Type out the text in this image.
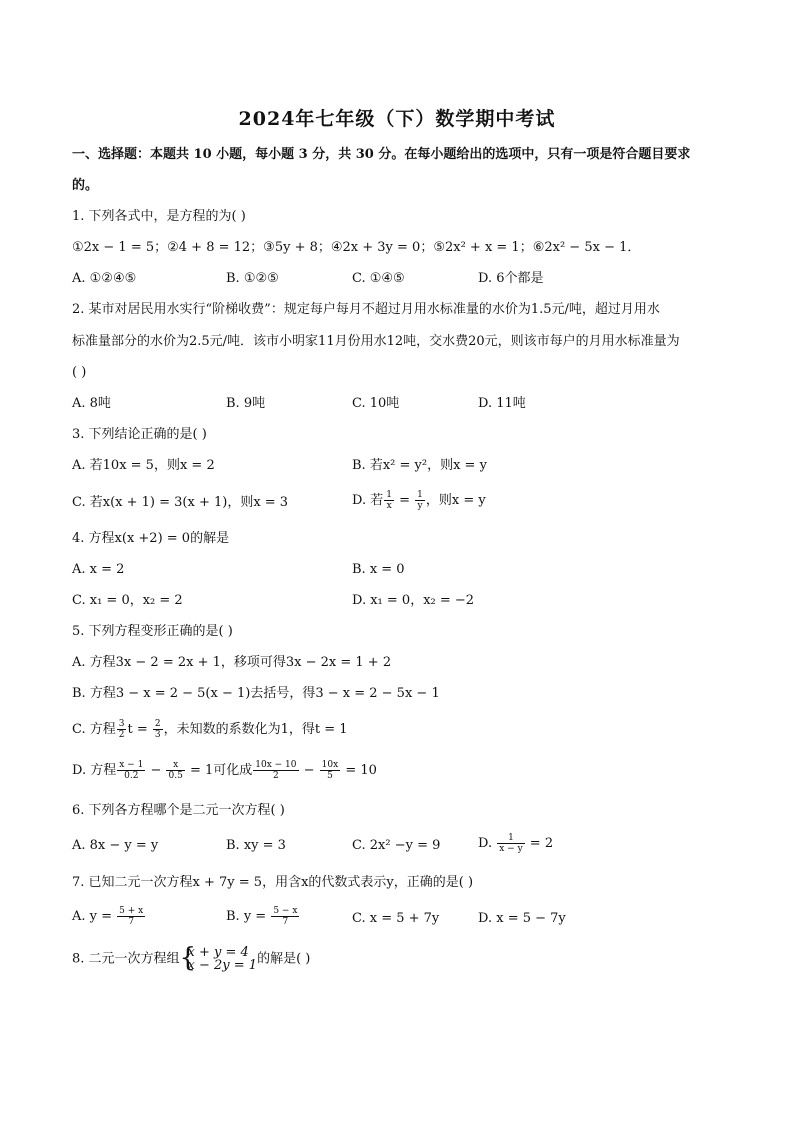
2024年七年级（下）数学期中考试
一、选择题：本题共 10 小题，每小题 3 分，共 30 分。在每小题给出的选项中，只有一项是符合题目要求
的。
1. 下列各式中，是方程的为( )
①2x − 1 = 5；②4 + 8 = 12；③5y + 8；④2x + 3y = 0；⑤2x² + x = 1；⑥2x² − 5x − 1．
A. ①②④⑤	B. ①②⑤	C. ①④⑤	D. 6个都是
2. 某市对居民用水实行“阶梯收费”：规定每户每月不超过月用水标准量的水价为1.5元/吨，超过月用水
标准量部分的水价为2.5元/吨．该市小明家11月份用水12吨，交水费20元，则该市每户的月用水标准量为
( )
A. 8吨	B. 9吨	C. 10吨	D. 11吨
3. 下列结论正确的是( )
A. 若10x = 5，则x = 2	B. 若x² = y²，则x = y
C. 若x(x + 1) = 3(x + 1)，则x = 3	D. 若 $\frac{1}{x} = \frac{1}{y}$ ，则x = y
4. 方程x(x +2) = 0的解是
A. x = 2	B. x = 0
C. x₁ = 0，x₂ = 2	D. x₁ = 0，x₂ = −2
5. 下列方程变形正确的是( )
A. 方程3x − 2 = 2x + 1，移项可得3x − 2x = 1 + 2
B. 方程3 − x = 2 − 5(x − 1)去括号，得3 − x = 2 − 5x − 1
C. 方程 $\frac{3}{2}$ $t = \frac{2}{3}$ ，未知数的系数化为1，得t = 1
D. 方程 $\frac{x - 1}{0.2} - \frac{x}{0.5} = 1$可化成 $\frac{10x - 10}{2} - \frac{10x}{5} = 10$
6. 下列各方程哪个是二元一次方程( )
A. 8x − y = y	B. xy = 3	C. 2x² −y = 9	D. $\frac{1}{x - y} = 2$
7. 已知二元一次方程x + 7y = 5，用含x的代数式表示y，正确的是( )
A. $y = \frac{5 + x}{7}$	B. $y = \frac{5 - x}{7}$	C. x = 5 + 7y	D. x = 5 − 7y
8. 二元一次方程组 {
x + y = 4
x − 2y = 1 的解是( )
